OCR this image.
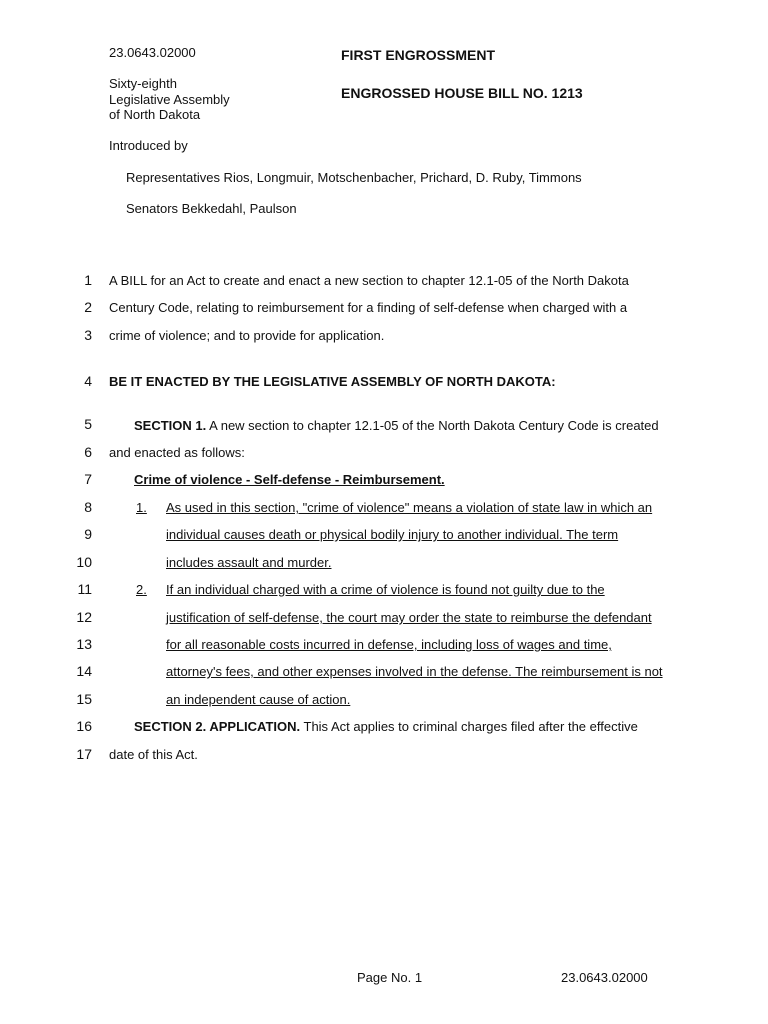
23.0643.02000
Sixty-eighth
Legislative Assembly
of North Dakota
FIRST ENGROSSMENT
ENGROSSED HOUSE BILL NO. 1213
Introduced by
Representatives Rios, Longmuir, Motschenbacher, Prichard, D. Ruby, Timmons
Senators Bekkedahl, Paulson
1
2
3
4
5
6
7
8
9
10
11
12
13
14
15
16
17
A BILL for an Act to create and enact a new section to chapter 12.1-05 of the North Dakota
Century Code, relating to reimbursement for a finding of self-defense when charged with a
crime of violence; and to provide for application.
BE IT ENACTED BY THE LEGISLATIVE ASSEMBLY OF NORTH DAKOTA:
SECTION 1. A new section to chapter 12.1-05 of the North Dakota Century Code is created
and enacted as follows:
Crime of violence - Self-defense - Reimbursement.
1. As used in this section, "crime of violence" means a violation of state law in which an
individual causes death or physical bodily injury to another individual. The term
includes assault and murder.
2. If an individual charged with a crime of violence is found not guilty due to the
justification of self-defense, the court may order the state to reimburse the defendant
for all reasonable costs incurred in defense, including loss of wages and time,
attorney's fees, and other expenses involved in the defense. The reimbursement is not
an independent cause of action.
SECTION 2. APPLICATION. This Act applies to criminal charges filed after the effective
date of this Act.
Page No. 1	23.0643.02000
